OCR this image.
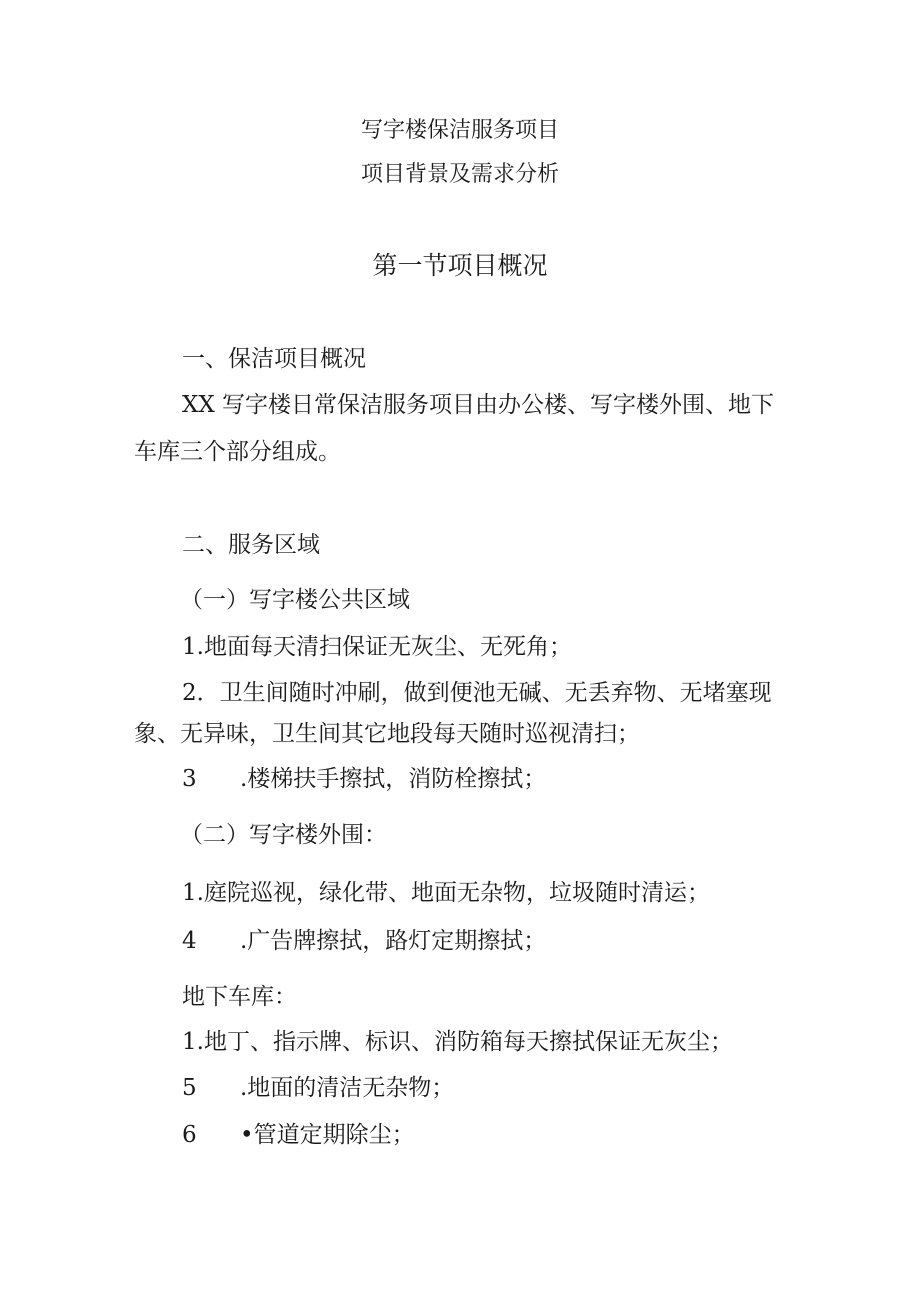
写字楼保洁服务项目
项目背景及需求分析
第一节项目概况
一、保洁项目概况
XX 写字楼日常保洁服务项目由办公楼、写字楼外围、地下
车库三个部分组成。
二、服务区域
（一）写字楼公共区域
1.地面每天清扫保证无灰尘、无死角；
2．卫生间随时冲刷，做到便池无碱、无丢弃物、无堵塞现
象、无异味，卫生间其它地段每天随时巡视清扫；
3 .楼梯扶手擦拭，消防栓擦拭；
（二）写字楼外围：
1.庭院巡视，绿化带、地面无杂物，垃圾随时清运；
4 .广告牌擦拭，路灯定期擦拭；
地下车库：
1.地丁、指示牌、标识、消防箱每天擦拭保证无灰尘；
5 .地面的清洁无杂物；
6 •管道定期除尘；
